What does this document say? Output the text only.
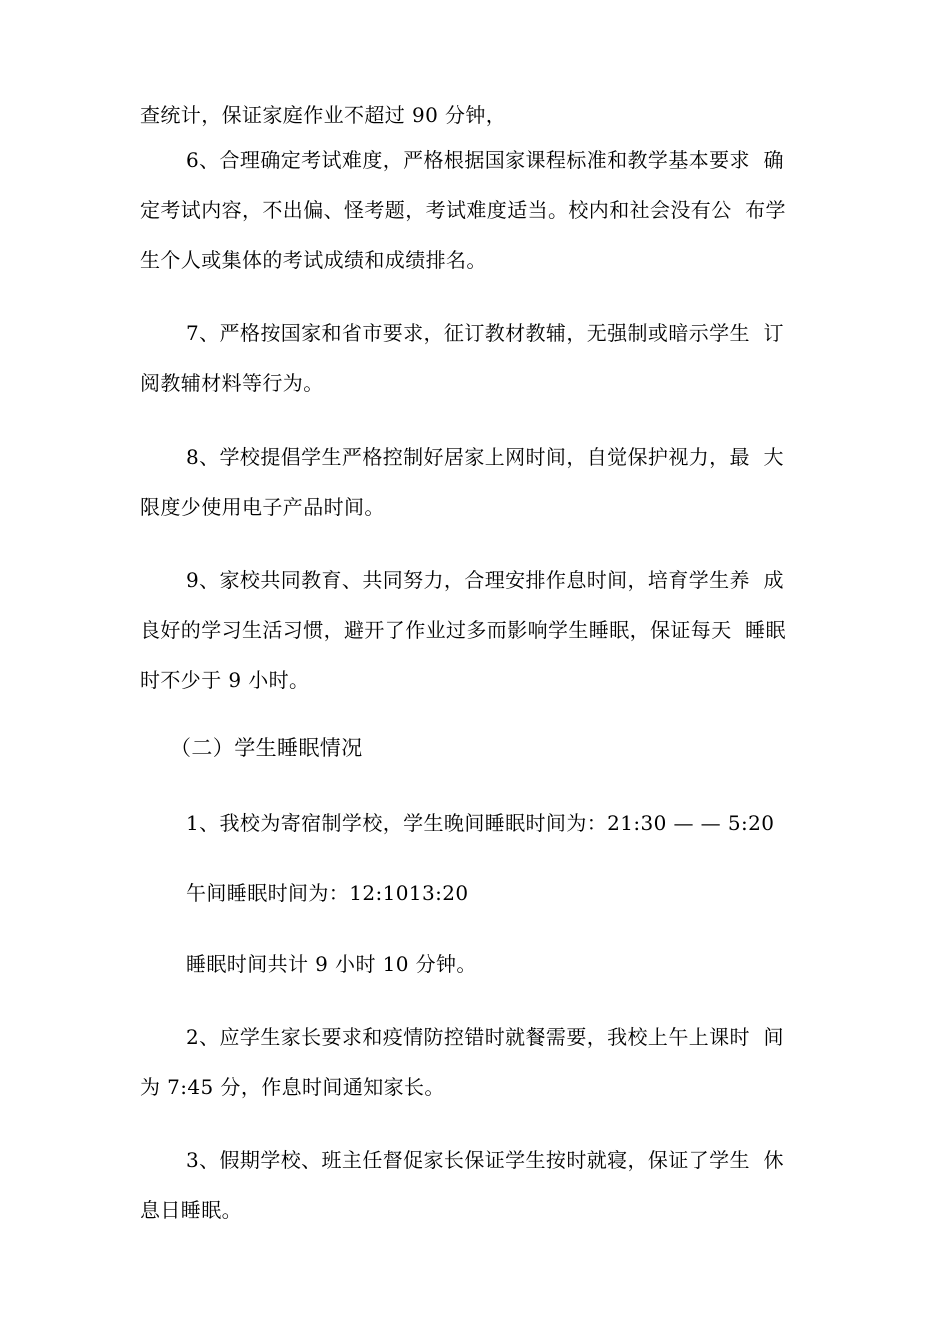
查统计，保证家庭作业不超过 90 分钟，
6、合理确定考试难度，严格根据国家课程标准和教学基本要求  确
定考试内容，不出偏、怪考题，考试难度适当。校内和社会没有公  布学
生个人或集体的考试成绩和成绩排名。
7、严格按国家和省市要求，征订教材教辅，无强制或暗示学生  订
阅教辅材料等行为。
8、学校提倡学生严格控制好居家上网时间，自觉保护视力，最  大
限度少使用电子产品时间。
9、家校共同教育、共同努力，合理安排作息时间，培育学生养  成
良好的学习生活习惯，避开了作业过多而影响学生睡眠，保证每天  睡眠
时不少于 9 小时。
（二）学生睡眠情况
1、我校为寄宿制学校，学生晚间睡眠时间为：21:30 — — 5:20
午间睡眠时间为：12:1013:20
睡眠时间共计 9 小时 10 分钟。
2、应学生家长要求和疫情防控错时就餐需要，我校上午上课时  间
为 7:45 分，作息时间通知家长。
3、假期学校、班主任督促家长保证学生按时就寝，保证了学生  休
息日睡眠。
